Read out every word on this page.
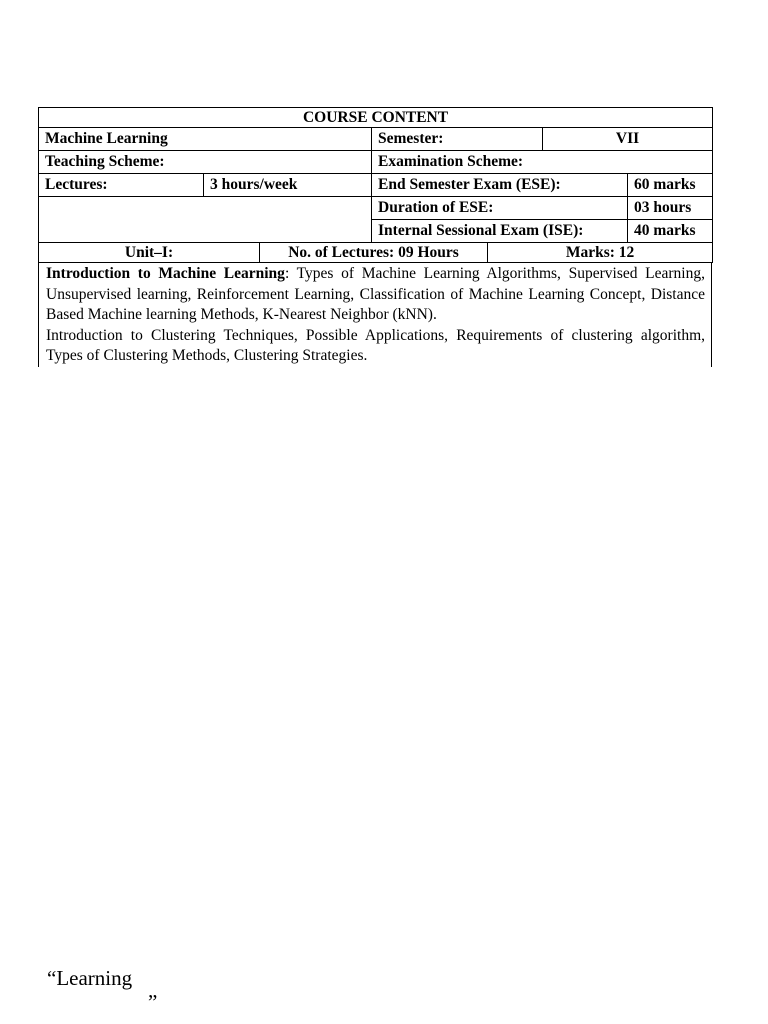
COURSE CONTENT						
Machine Learning			Semester:		VII	
Teaching Scheme:			Examination Scheme:			
Lectures:	3 hours/week		End Semester Exam (ESE):			60 marks
			Duration of ESE:			03 hours
			Internal Sessional Exam (ISE):			40 marks
Unit–I:		No. of Lectures: 09 Hours		Marks: 12		

Introduction to Machine Learning: Types of Machine Learning Algorithms, Supervised Learning, Unsupervised learning, Reinforcement Learning, Classification of Machine Learning Concept, Distance Based Machine learning Methods, K-Nearest Neighbor (kNN).

Introduction to Clustering Techniques, Possible Applications, Requirements of clustering algorithm, Types of Clustering Methods, Clustering Strategies.

“Learning
”
